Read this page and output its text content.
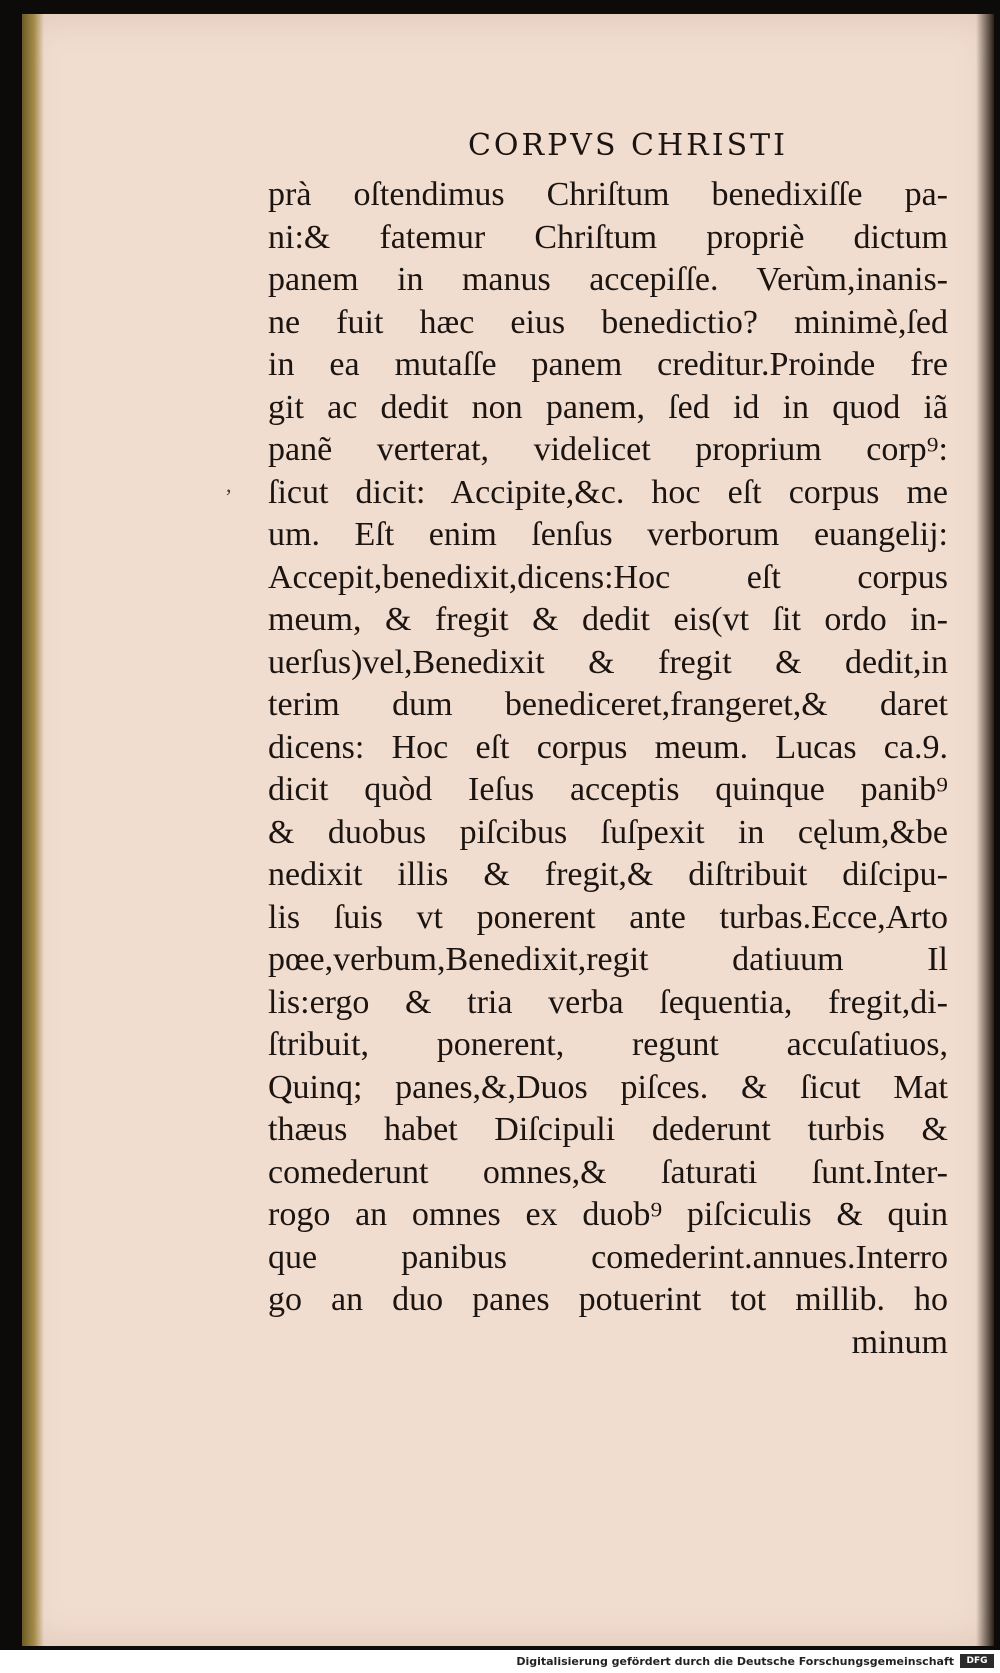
,
CORPVS CHRISTI
prà oſtendimus Chriſtum benedixiſſe pa-
ni:& fatemur Chriſtum propriè dictum
panem in manus accepiſſe. Verùm,inanis-
ne fuit hæc eius benedictio? minimè,ſed
in ea mutaſſe panem creditur.Proinde fre
git ac dedit non panem, ſed id in quod iã
panẽ verterat, videlicet proprium corp⁹:
ſicut dicit: Accipite,&c. hoc eſt corpus me
um. Eſt enim ſenſus verborum euangelij:
Accepit,benedixit,dicens:Hoc eſt corpus
meum, & fregit & dedit eis(vt ſit ordo in-
uerſus)vel,Benedixit & fregit & dedit,in
terim dum benediceret,frangeret,& daret
dicens: Hoc eſt corpus meum. Lucas ca.9.
dicit quòd Ieſus acceptis quinque panib⁹
& duobus piſcibus ſuſpexit in cęlum,&be
nedixit illis & fregit,& diſtribuit diſcipu-
lis ſuis vt ponerent ante turbas.Ecce,Arto
pœe,verbum,Benedixit,regit datiuum Il
lis:ergo & tria verba ſequentia, fregit,di-
ſtribuit, ponerent, regunt accuſatiuos,
Quinq; panes,&,Duos piſces. & ſicut Mat
thæus habet Diſcipuli dederunt turbis &
comederunt omnes,& ſaturati ſunt.Inter-
rogo an omnes ex duob⁹ piſciculis & quin
que panibus comederint.annues.Interro
go an duo panes potuerint tot millib. ho
minum
Digitalisierung gefördert durch die Deutsche Forschungsgemeinschaft	DFG
